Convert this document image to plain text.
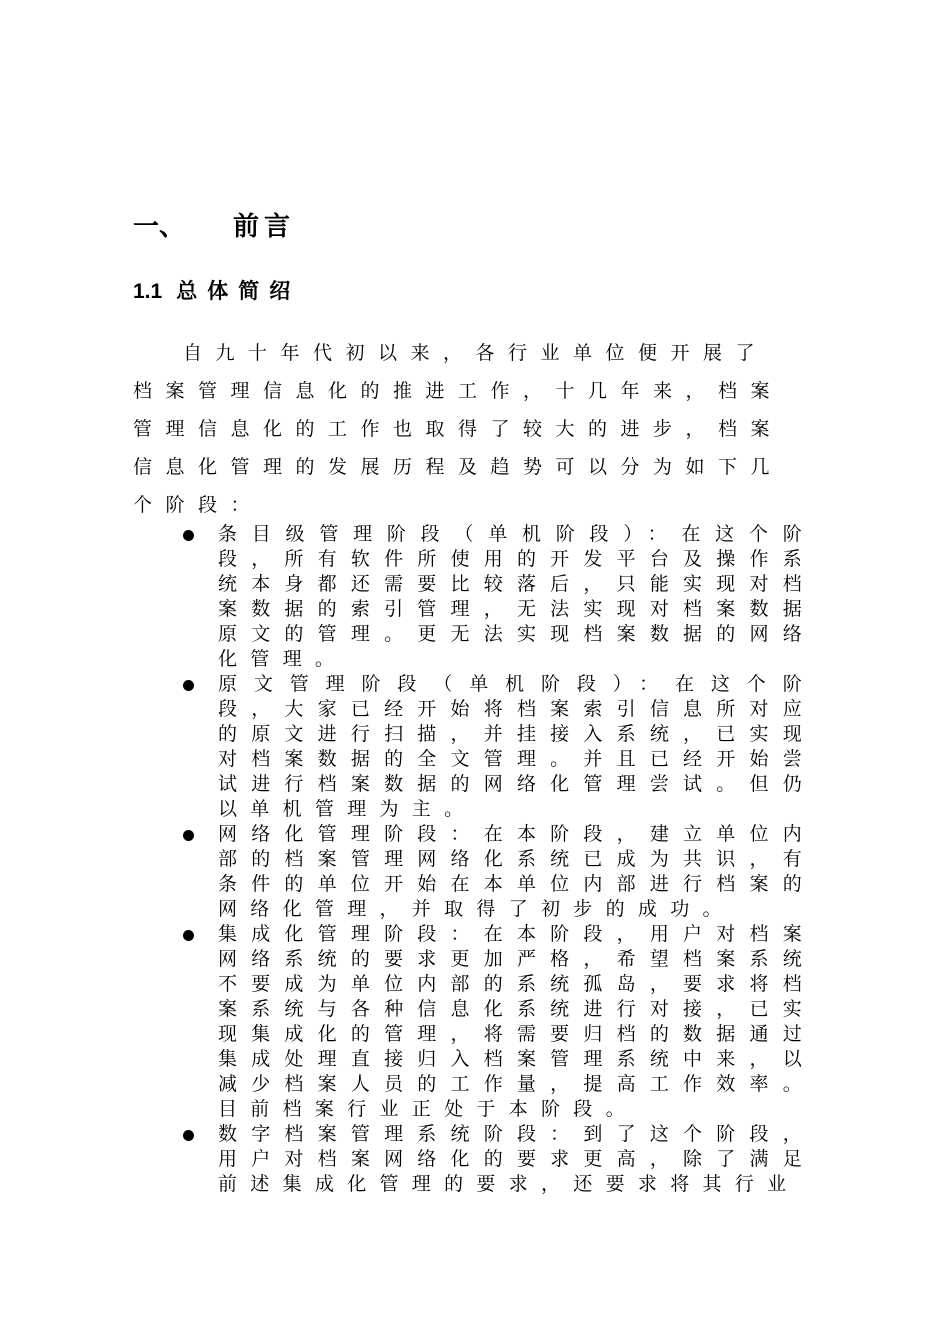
一、 前言
1.1 总体简绍

自九十年代初以来，各行业单位便开展了档案管理信息化的推进工作，十几年来，档案管理信息化的工作也取得了较大的进步，档案信息化管理的发展历程及趋势可以分为如下几个阶段：

条目级管理阶段（单机阶段）：在这个阶段，所有软件所使用的开发平台及操作系统本身都还需要比较落后，只能实现对档案数据的索引管理，无法实现对档案数据原文的管理。更无法实现档案数据的网络化管理。
原文管理阶段（单机阶段）：在这个阶段，大家已经开始将档案索引信息所对应的原文进行扫描，并挂接入系统，已实现对档案数据的全文管理。并且已经开始尝试进行档案数据的网络化管理尝试。但仍以单机管理为主。
网络化管理阶段：在本阶段，建立单位内部的档案管理网络化系统已成为共识，有条件的单位开始在本单位内部进行档案的网络化管理，并取得了初步的成功。
集成化管理阶段：在本阶段，用户对档案网络系统的要求更加严格，希望档案系统不要成为单位内部的系统孤岛，要求将档案系统与各种信息化系统进行对接，已实现集成化的管理，将需要归档的数据通过集成处理直接归入档案管理系统中来，以减少档案人员的工作量，提高工作效率。目前档案行业正处于本阶段。
数字档案管理系统阶段：到了这个阶段，用户对档案网络化的要求更高，除了满足前述集成化管理的要求，还要求将其行业
